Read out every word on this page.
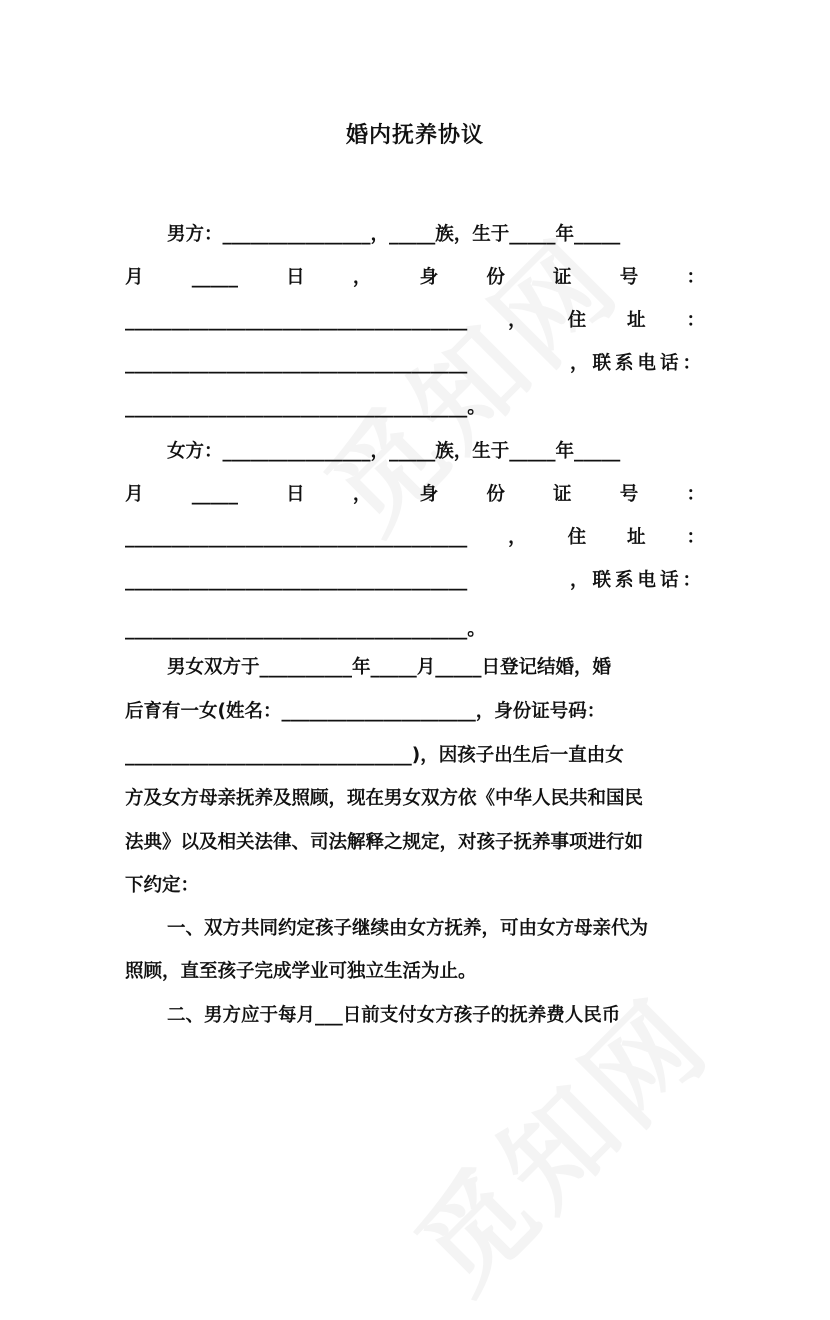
婚内抚养协议
男方：________________，_____族，生于_____年_____
月	_____	日	，	身	份	证	号	：
_____________________________________ ， 住 址 ：
_____________________________________	，联系电话：
_____________________________________。
女方：________________，_____族，生于_____年_____
月	_____	日	，	身	份	证	号	：
_____________________________________ ， 住 址 ：
_____________________________________	，联系电话：
_____________________________________。
男女双方于__________年_____月_____日登记结婚，婚
后育有一女(姓名：_____________________，身份证号码：
_______________________________)，因孩子出生后一直由女
方及女方母亲抚养及照顾，现在男女双方依《中华人民共和国民
法典》以及相关法律、司法解释之规定，对孩子抚养事项进行如
下约定：
一、双方共同约定孩子继续由女方抚养，可由女方母亲代为
照顾，直至孩子完成学业可独立生活为止。
二、男方应于每月___日前支付女方孩子的抚养费人民币
